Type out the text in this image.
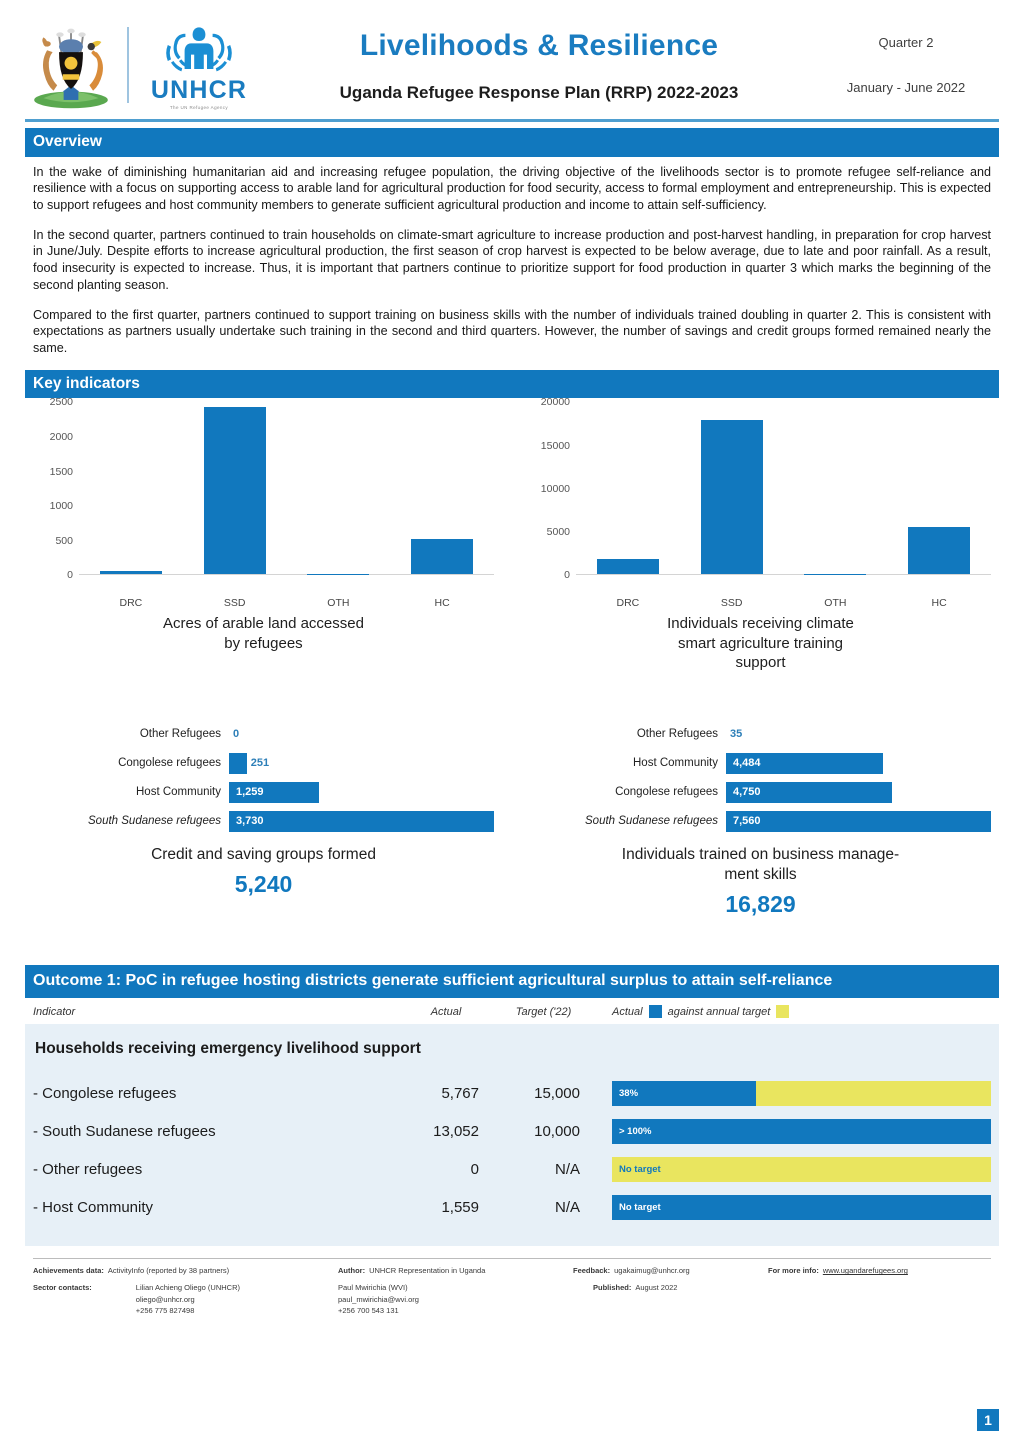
UNHCR
The UN Refugee Agency
Livelihoods & Resilience
Uganda Refugee Response Plan (RRP) 2022-2023
Quarter 2
January - June 2022
Overview

In the wake of diminishing humanitarian aid and increasing refugee population, the driving objective of the livelihoods sector is to promote refugee self-reliance and resilience with a focus on supporting access to arable land for agricultural production for food security, access to formal employment and entrepreneurship. This is expected to support refugees and host community members to generate sufficient agricultural production and income to attain self-sufficiency.

In the second quarter, partners continued to train households on climate-smart agriculture to increase production and post-harvest handling, in preparation for crop harvest in June/July. Despite efforts to increase agricultural production, the first season of crop harvest is expected to be below average, due to late and poor rainfall. As a result, food insecurity is expected to increase. Thus, it is important that partners continue to prioritize support for food production in quarter 3 which marks the beginning of the second planting season.

Compared to the first quarter, partners continued to support training on business skills with the number of individuals trained doubling in quarter 2. This is consistent with expectations as partners usually undertake such training in the second and third quarters. However, the number of savings and credit groups formed remained nearly the same.

Key indicators
0
500
1000
1500
2000
2500
DRC	SSD	OTH	HC
Acres of arable land accessed
by refugees
0
5000
10000
15000
20000
DRC	SSD	OTH	HC
Individuals receiving climate
smart agriculture training
support
Other Refugees	0
Congolese refugees	251
Host Community	1,259
South Sudanese refugees	3,730
Credit and saving groups formed
5,240
Other Refugees	35
Host Community	4,484
Congolese refugees	4,750
South Sudanese refugees	7,560
Individuals trained on business manage-
ment skills
16,829
Outcome 1: PoC in refugee hosting districts generate sufficient agricultural surplus to attain self-reliance
Indicator	Actual	Target ('22)	Actual against annual target
Households receiving emergency livelihood support
- Congolese refugees	5,767	15,000	38%
- South Sudanese refugees	13,052	10,000	> 100%
- Other refugees	0	N/A	No target
- Host Community	1,559	N/A	No target
Achievements data: ActivityInfo (reported by 38 partners)
Sector contacts:	Lilian Achieng Oliego (UNHCR)
oliego@unhcr.org
+256 775 827498
Author: UNHCR Representation in Uganda
Paul Mwirichia (WVI)
paul_mwirichia@wvi.org
+256 700 543 131
Feedback: ugakaimug@unhcr.org
Published: August 2022
For more info: www.ugandarefugees.org
1
